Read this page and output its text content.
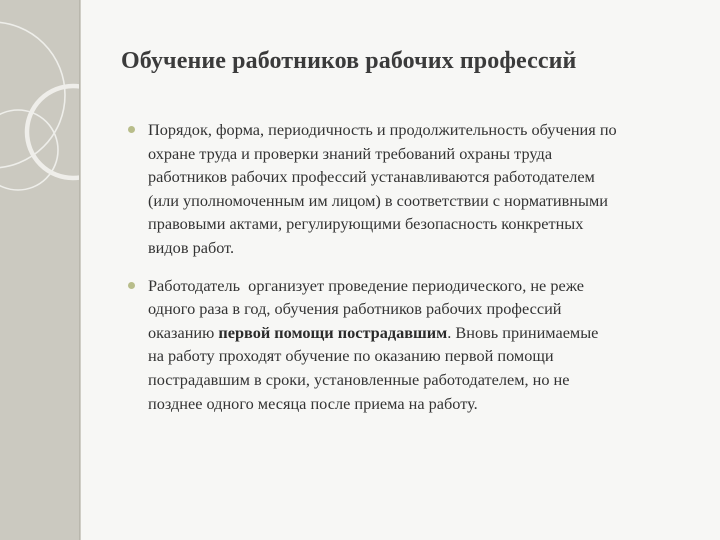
Обучение работников рабочих профессий
Порядок, форма, периодичность и продолжительность обучения по
охране труда и проверки знаний требований охраны труда
работников рабочих профессий устанавливаются работодателем
(или уполномоченным им лицом) в соответствии с нормативными
правовыми актами, регулирующими безопасность конкретных
видов работ.
Работодатель  организует проведение периодического, не реже
одного раза в год, обучения работников рабочих профессий
оказанию первой помощи пострадавшим. Вновь принимаемые
на работу проходят обучение по оказанию первой помощи
пострадавшим в сроки, установленные работодателем, но не
позднее одного месяца после приема на работу.
